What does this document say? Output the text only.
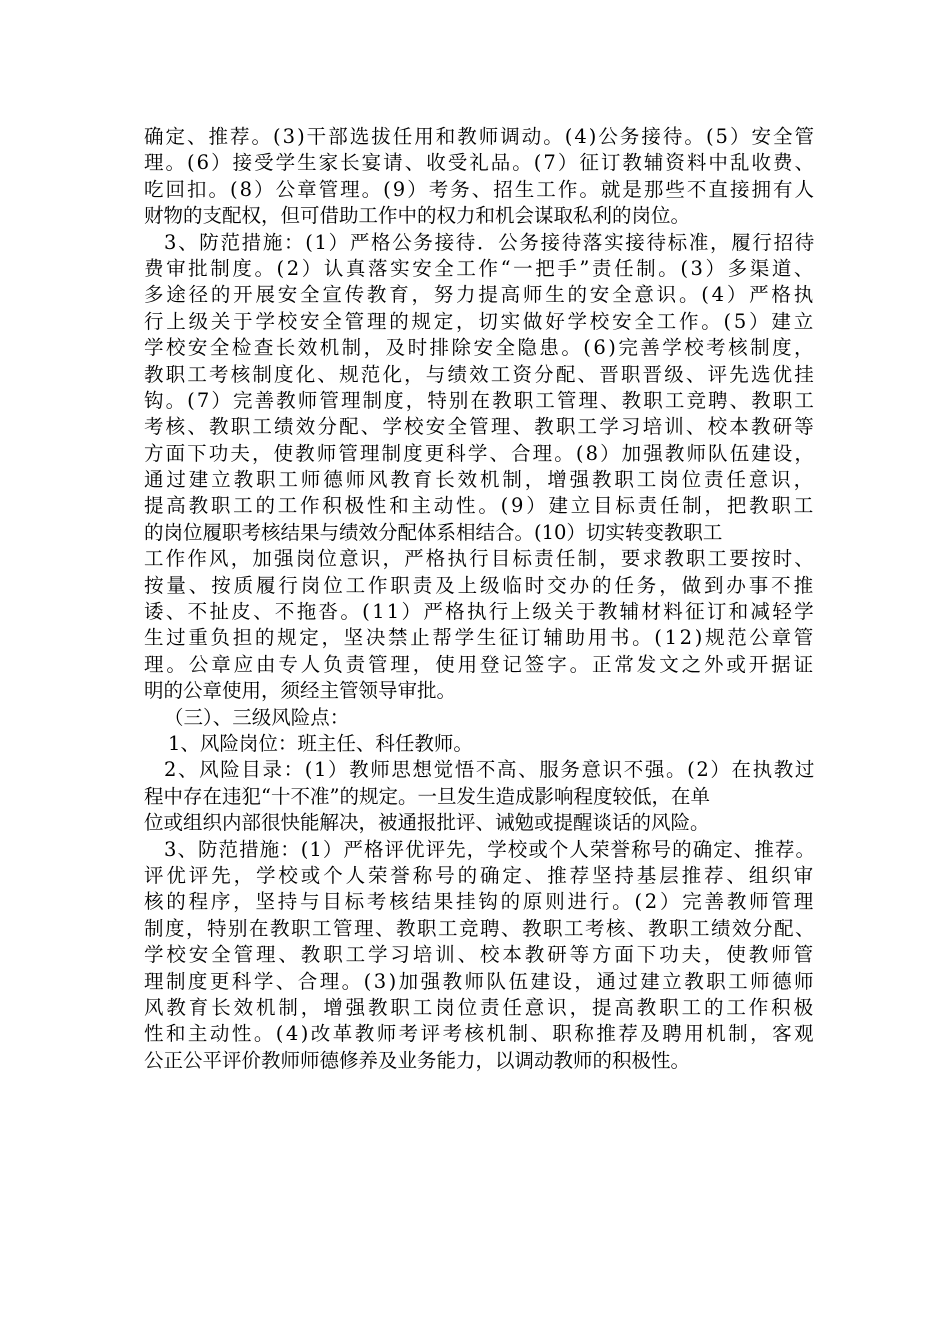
确定、推荐。(3)干部选拔任用和教师调动。(4)公务接待。(5）安全管
理。(6）接受学生家长宴请、收受礼品。(7）征订教辅资料中乱收费、
吃回扣。(8）公章管理。(9）考务、招生工作。就是那些不直接拥有人
财物的支配权，但可借助工作中的权力和机会谋取私利的岗位。
3、防范措施：(1）严格公务接待．公务接待落实接待标准，履行招待
费审批制度。(2）认真落实安全工作“一把手”责任制。(3）多渠道、
多途径的开展安全宣传教育，努力提高师生的安全意识。(4）严格执
行上级关于学校安全管理的规定，切实做好学校安全工作。(5）建立
学校安全检查长效机制，及时排除安全隐患。(6)完善学校考核制度，
教职工考核制度化、规范化，与绩效工资分配、晋职晋级、评先选优挂
钩。(7）完善教师管理制度，特别在教职工管理、教职工竞聘、教职工
考核、教职工绩效分配、学校安全管理、教职工学习培训、校本教研等
方面下功夫，使教师管理制度更科学、合理。(8）加强教师队伍建设，
通过建立教职工师德师风教育长效机制，增强教职工岗位责任意识，
提高教职工的工作积极性和主动性。(9）建立目标责任制，把教职工
的岗位履职考核结果与绩效分配体系相结合。(10）切实转变教职工
工作作风，加强岗位意识，严格执行目标责任制，要求教职工要按时、
按量、按质履行岗位工作职责及上级临时交办的任务，做到办事不推
诿、不扯皮、不拖沓。(11）严格执行上级关于教辅材料征订和减轻学
生过重负担的规定，坚决禁止帮学生征订辅助用书。(12)规范公章管
理。公章应由专人负责管理，使用登记签字。正常发文之外或开据证
明的公章使用，须经主管领导审批。
（三）、三级风险点：
1、风险岗位：班主任、科任教师。
2、风险目录：(1）教师思想觉悟不高、服务意识不强。(2）在执教过
程中存在违犯“十不准”的规定。一旦发生造成影响程度较低，在单
位或组织内部很快能解决，被通报批评、诫勉或提醒谈话的风险。
3、防范措施：(1）严格评优评先，学校或个人荣誉称号的确定、推荐。
评优评先，学校或个人荣誉称号的确定、推荐坚持基层推荐、组织审
核的程序，坚持与目标考核结果挂钩的原则进行。(2）完善教师管理
制度，特别在教职工管理、教职工竞聘、教职工考核、教职工绩效分配、
学校安全管理、教职工学习培训、校本教研等方面下功夫，使教师管
理制度更科学、合理。(3)加强教师队伍建设，通过建立教职工师德师
风教育长效机制，增强教职工岗位责任意识，提高教职工的工作积极
性和主动性。(4)改革教师考评考核机制、职称推荐及聘用机制，客观
公正公平评价教师师德修养及业务能力，以调动教师的积极性。
